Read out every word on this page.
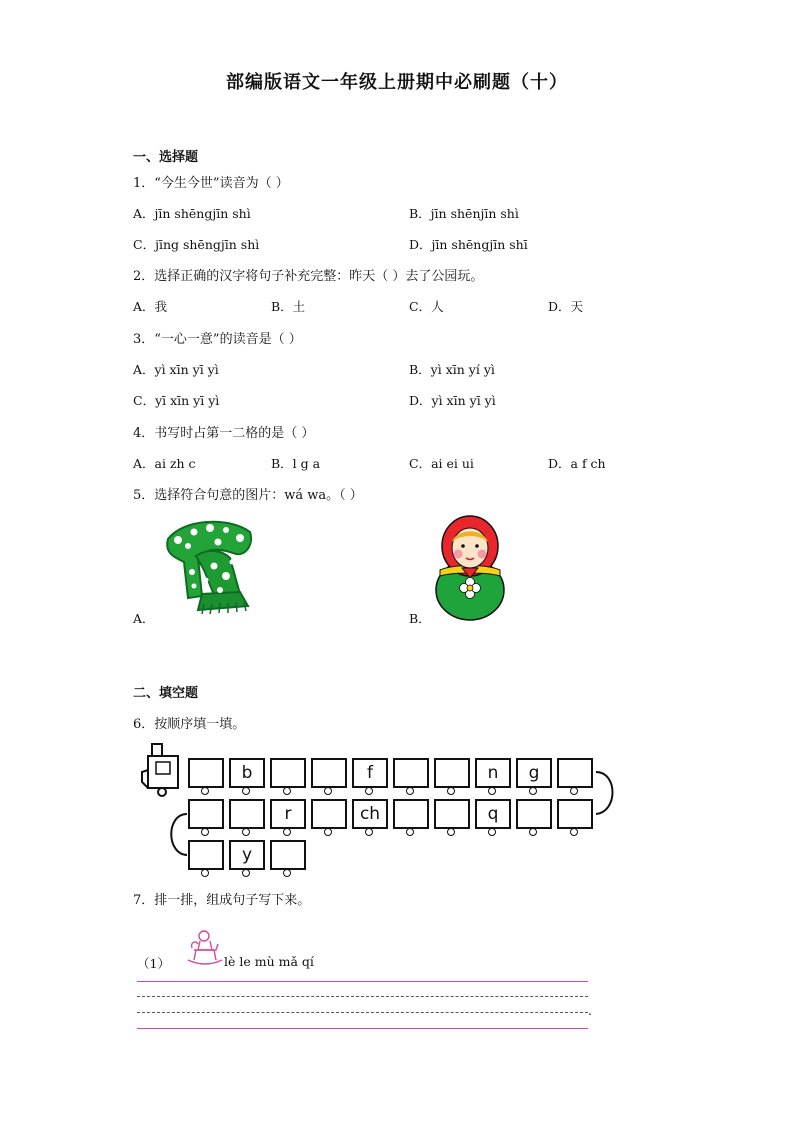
部编版语文一年级上册期中必刷题（十）
一、选择题
1．“今生今世”读音为（ ）
A．jīn shēngjīn shì	B．jīn shēnjīn shì
C．jīng shēngjīn shì	D．jīn shēngjīn shī
2．选择正确的汉字将句子补充完整：昨天（ ）去了公园玩。
A．我	B．土	C．人	D．天
3．“一心一意”的读音是（ ）
A．yì xīn yī yì	B．yì xīn yí yì
C．yī xīn yī yì	D．yì xīn yī yì
4．书写时占第一二格的是（ ）
A．ai zh c	B．l g a	C．ai ei ui	D．a f ch
5．选择符合句意的图片：wá wa。（ ）
A．	B．
二、填空题
6．按顺序填一填。
b	f	n	g
r	ch	q
y
7．排一排，组成句子写下来。
（1）	lè le mù mǎ qí
.
